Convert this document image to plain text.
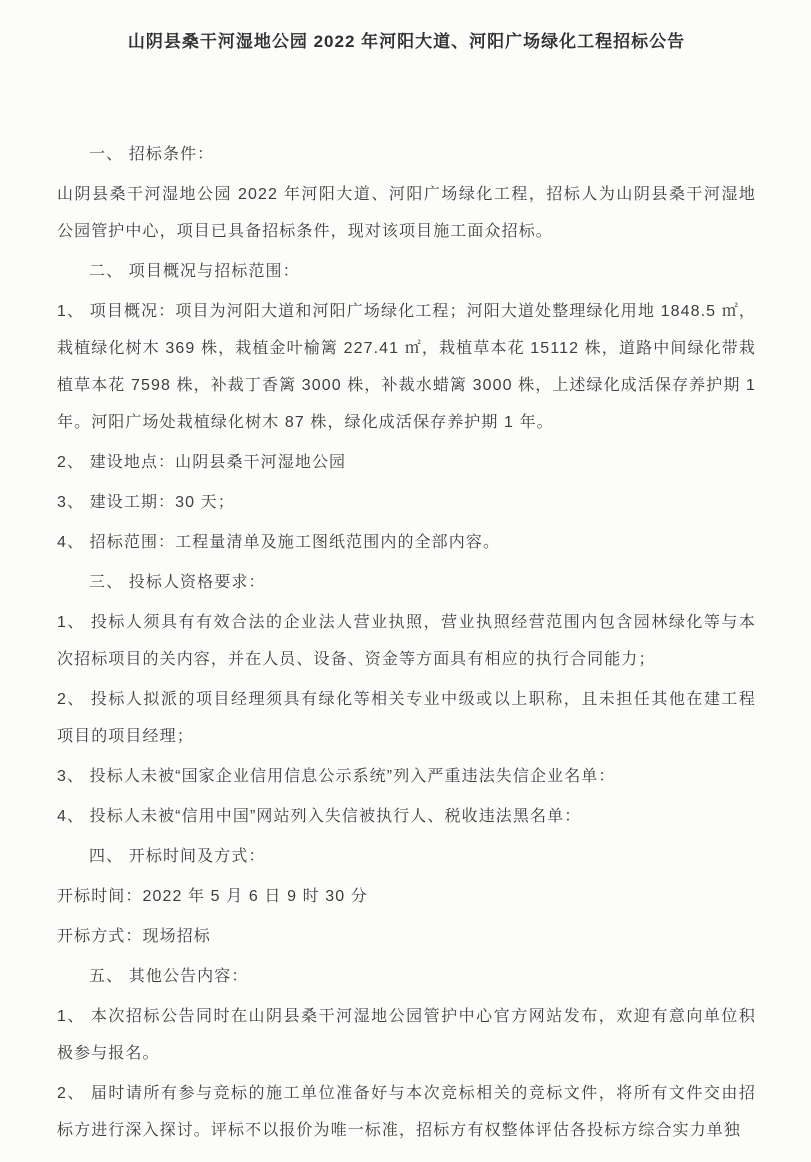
山阴县桑干河湿地公园 2022 年河阳大道、河阳广场绿化工程招标公告

一、 招标条件：

山阴县桑干河湿地公园 2022 年河阳大道、河阳广场绿化工程，招标人为山阴县桑干河湿地公园管护中心，项目已具备招标条件，现对该项目施工面众招标。

二、 项目概况与招标范围：

1、 项目概况：项目为河阳大道和河阳广场绿化工程；河阳大道处整理绿化用地 1848.5 ㎡，栽植绿化树木 369 株，栽植金叶榆篱 227.41 ㎡，栽植草本花 15112 株，道路中间绿化带栽植草本花 7598 株，补裁丁香篱 3000 株，补裁水蜡篱 3000 株，上述绿化成活保存养护期 1 年。河阳广场处栽植绿化树木 87 株，绿化成活保存养护期 1 年。

2、 建设地点：山阴县桑干河湿地公园

3、 建设工期：30 天；

4、 招标范围：工程量清单及施工图纸范围内的全部内容。

三、 投标人资格要求：

1、 投标人须具有有效合法的企业法人营业执照，营业执照经营范围内包含园林绿化等与本次招标项目的关内容，并在人员、设备、资金等方面具有相应的执行合同能力；

2、 投标人拟派的项目经理须具有绿化等相关专业中级或以上职称，且未担任其他在建工程项目的项目经理；

3、 投标人未被“国家企业信用信息公示系统”列入严重违法失信企业名单：

4、 投标人未被“信用中国”网站列入失信被执行人、税收违法黑名单：

四、 开标时间及方式：

开标时间：2022 年 5 月 6 日 9 时 30 分

开标方式：现场招标

五、 其他公告内容：

1、 本次招标公告同时在山阴县桑干河湿地公园管护中心官方网站发布，欢迎有意向单位积极参与报名。

2、 届时请所有参与竞标的施工单位准备好与本次竞标相关的竞标文件，将所有文件交由招标方进行深入探讨。评标不以报价为唯一标准，招标方有权整体评估各投标方综合实力单独
